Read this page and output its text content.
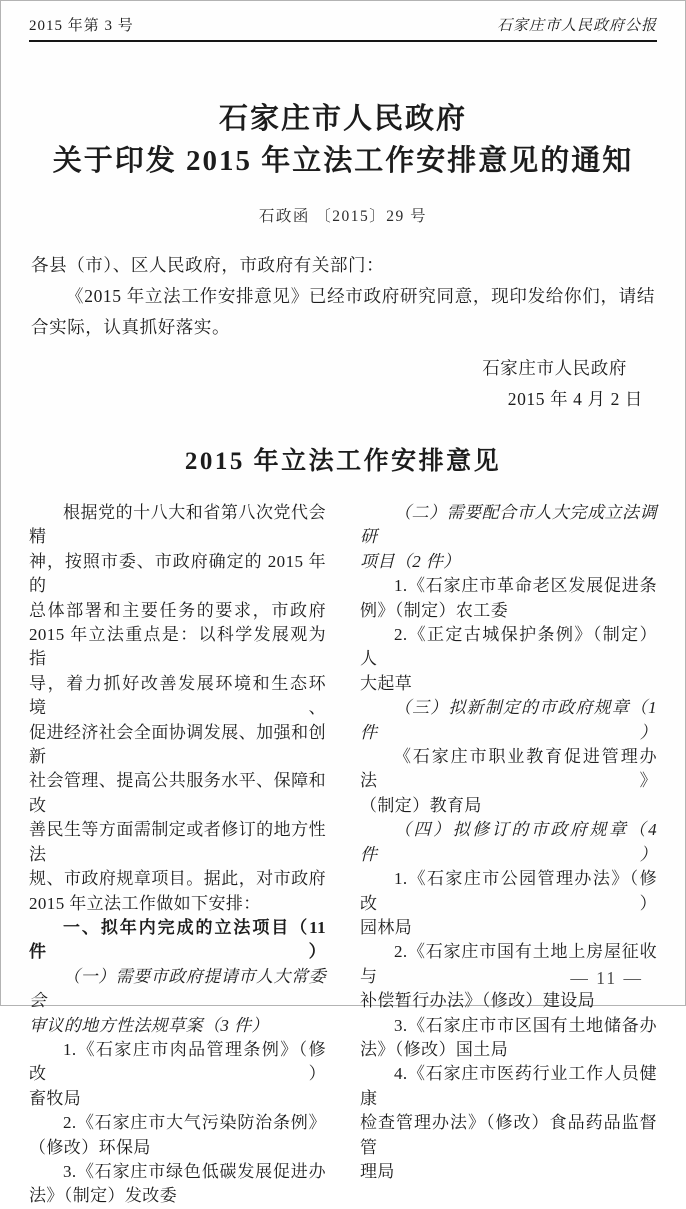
2015 年第 3 号	石家庄市人民政府公报
石家庄市人民政府
关于印发 2015 年立法工作安排意见的通知
石政函 〔2015〕29 号
各县（市）、区人民政府，市政府有关部门：
《2015 年立法工作安排意见》已经市政府研究同意，现印发给你们，请结合实际，认真抓好落实。
石家庄市人民政府
2015 年 4 月 2 日
2015 年立法工作安排意见
根据党的十八大和省第八次党代会精
神，按照市委、市政府确定的 2015 年的
总体部署和主要任务的要求，市政府
2015 年立法重点是：以科学发展观为指
导，着力抓好改善发展环境和生态环境、
促进经济社会全面协调发展、加强和创新
社会管理、提高公共服务水平、保障和改
善民生等方面需制定或者修订的地方性法
规、市政府规章项目。据此，对市政府
2015 年立法工作做如下安排：
一、拟年内完成的立法项目（11 件）
（一）需要市政府提请市人大常委会
审议的地方性法规草案（3 件）
1.《石家庄市肉品管理条例》（修改）
畜牧局
2.《石家庄市大气污染防治条例》
（修改）环保局
3.《石家庄市绿色低碳发展促进办
法》（制定）发改委
（二）需要配合市人大完成立法调研
项目（2 件）
1.《石家庄市革命老区发展促进条
例》（制定）农工委
2.《正定古城保护条例》（制定）人
大起草
（三）拟新制定的市政府规章（1 件）
《石家庄市职业教育促进管理办法》
（制定）教育局
（四）拟修订的市政府规章（4 件）
1.《石家庄市公园管理办法》（修改）
园林局
2.《石家庄市国有土地上房屋征收与
补偿暂行办法》（修改）建设局
3.《石家庄市市区国有土地储备办
法》（修改）国土局
4.《石家庄市医药行业工作人员健康
检查管理办法》（修改）食品药品监督管
理局
— 11 —
